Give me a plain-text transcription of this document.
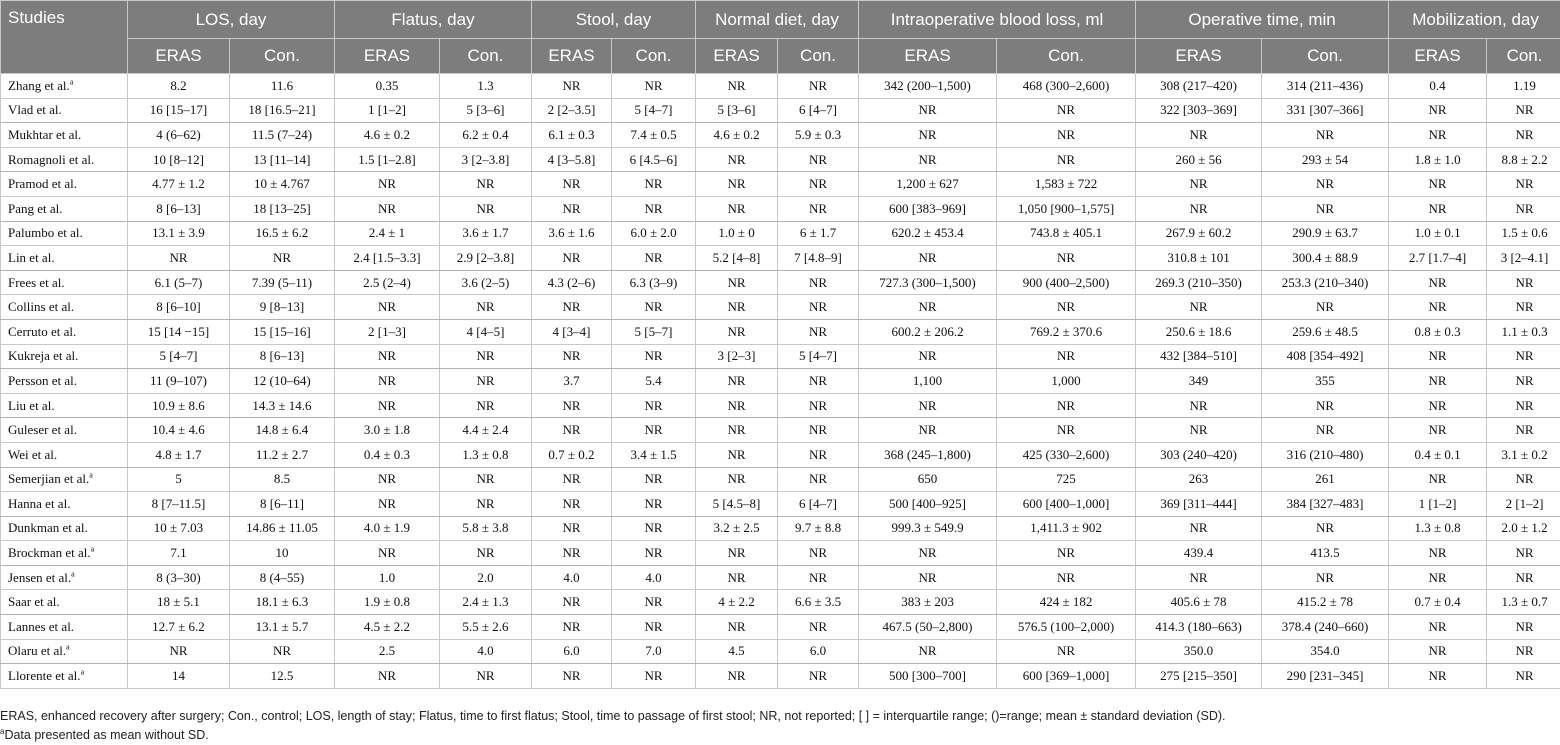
Studies	LOS, day		Flatus, day		Stool, day		Normal diet, day		Intraoperative blood loss, ml		Operative time, min		Mobilization, day	
	ERAS	Con.	ERAS	Con.	ERAS	Con.	ERAS	Con.	ERAS	Con.	ERAS	Con.	ERAS	Con.
Zhang et al.$^a$	8.2	11.6	0.35	1.3	NR	NR	NR	NR	342 (200–1,500)	468 (300–2,600)	308 (217–420)	314 (211–436)	0.4	1.19
Vlad et al.	16 [15–17]	18 [16.5–21]	1 [1–2]	5 [3–6]	2 [2–3.5]	5 [4–7]	5 [3–6]	6 [4–7]	NR	NR	322 [303–369]	331 [307–366]	NR	NR
Mukhtar et al.	4 (6–62)	11.5 (7–24)	4.6 ± 0.2	6.2 ± 0.4	6.1 ± 0.3	7.4 ± 0.5	4.6 ± 0.2	5.9 ± 0.3	NR	NR	NR	NR	NR	NR
Romagnoli et al.	10 [8–12]	13 [11–14]	1.5 [1–2.8]	3 [2–3.8]	4 [3–5.8]	6 [4.5–6]	NR	NR	NR	NR	260 ± 56	293 ± 54	1.8 ± 1.0	8.8 ± 2.2
Pramod et al.	4.77 ± 1.2	10 ± 4.767	NR	NR	NR	NR	NR	NR	1,200 ± 627	1,583 ± 722	NR	NR	NR	NR
Pang et al.	8 [6–13]	18 [13–25]	NR	NR	NR	NR	NR	NR	600 [383–969]	1,050 [900–1,575]	NR	NR	NR	NR
Palumbo et al.	13.1 ± 3.9	16.5 ± 6.2	2.4 ± 1	3.6 ± 1.7	3.6 ± 1.6	6.0 ± 2.0	1.0 ± 0	6 ± 1.7	620.2 ± 453.4	743.8 ± 405.1	267.9 ± 60.2	290.9 ± 63.7	1.0 ± 0.1	1.5 ± 0.6
Lin et al.	NR	NR	2.4 [1.5–3.3]	2.9 [2–3.8]	NR	NR	5.2 [4–8]	7 [4.8–9]	NR	NR	310.8 ± 101	300.4 ± 88.9	2.7 [1.7–4]	3 [2–4.1]
Frees et al.	6.1 (5–7)	7.39 (5–11)	2.5 (2–4)	3.6 (2–5)	4.3 (2–6)	6.3 (3–9)	NR	NR	727.3 (300–1,500)	900 (400–2,500)	269.3 (210–350)	253.3 (210–340)	NR	NR
Collins et al.	8 [6–10]	9 [8–13]	NR	NR	NR	NR	NR	NR	NR	NR	NR	NR	NR	NR
Cerruto et al.	15 [14 −15]	15 [15–16]	2 [1–3]	4 [4–5]	4 [3–4]	5 [5–7]	NR	NR	600.2 ± 206.2	769.2 ± 370.6	250.6 ± 18.6	259.6 ± 48.5	0.8 ± 0.3	1.1 ± 0.3
Kukreja et al.	5 [4–7]	8 [6–13]	NR	NR	NR	NR	3 [2–3]	5 [4–7]	NR	NR	432 [384–510]	408 [354–492]	NR	NR
Persson et al.	11 (9–107)	12 (10–64)	NR	NR	3.7	5.4	NR	NR	1,100	1,000	349	355	NR	NR
Liu et al.	10.9 ± 8.6	14.3 ± 14.6	NR	NR	NR	NR	NR	NR	NR	NR	NR	NR	NR	NR
Guleser et al.	10.4 ± 4.6	14.8 ± 6.4	3.0 ± 1.8	4.4 ± 2.4	NR	NR	NR	NR	NR	NR	NR	NR	NR	NR
Wei et al.	4.8 ± 1.7	11.2 ± 2.7	0.4 ± 0.3	1.3 ± 0.8	0.7 ± 0.2	3.4 ± 1.5	NR	NR	368 (245–1,800)	425 (330–2,600)	303 (240–420)	316 (210–480)	0.4 ± 0.1	3.1 ± 0.2
Semerjian et al.$^a$	5	8.5	NR	NR	NR	NR	NR	NR	650	725	263	261	NR	NR
Hanna et al.	8 [7–11.5]	8 [6–11]	NR	NR	NR	NR	5 [4.5–8]	6 [4–7]	500 [400–925]	600 [400–1,000]	369 [311–444]	384 [327–483]	1 [1–2]	2 [1–2]
Dunkman et al.	10 ± 7.03	14.86 ± 11.05	4.0 ± 1.9	5.8 ± 3.8	NR	NR	3.2 ± 2.5	9.7 ± 8.8	999.3 ± 549.9	1,411.3 ± 902	NR	NR	1.3 ± 0.8	2.0 ± 1.2
Brockman et al.$^a$	7.1	10	NR	NR	NR	NR	NR	NR	NR	NR	439.4	413.5	NR	NR
Jensen et al.$^a$	8 (3–30)	8 (4–55)	1.0	2.0	4.0	4.0	NR	NR	NR	NR	NR	NR	NR	NR
Saar et al.	18 ± 5.1	18.1 ± 6.3	1.9 ± 0.8	2.4 ± 1.3	NR	NR	4 ± 2.2	6.6 ± 3.5	383 ± 203	424 ± 182	405.6 ± 78	415.2 ± 78	0.7 ± 0.4	1.3 ± 0.7
Lannes et al.	12.7 ± 6.2	13.1 ± 5.7	4.5 ± 2.2	5.5 ± 2.6	NR	NR	NR	NR	467.5 (50–2,800)	576.5 (100–2,000)	414.3 (180–663)	378.4 (240–660)	NR	NR
Olaru et al.$^a$	NR	NR	2.5	4.0	6.0	7.0	4.5	6.0	NR	NR	350.0	354.0	NR	NR
Llorente et al.$^a$	14	12.5	NR	NR	NR	NR	NR	NR	500 [300–700]	600 [369–1,000]	275 [215–350]	290 [231–345]	NR	NR
ERAS, enhanced recovery after surgery; Con., control; LOS, length of stay; Flatus, time to first flatus; Stool, time to passage of first stool; NR, not reported; [ ] = interquartile range; ()=range; mean ± standard deviation (SD).
$^a$Data presented as mean without SD.
